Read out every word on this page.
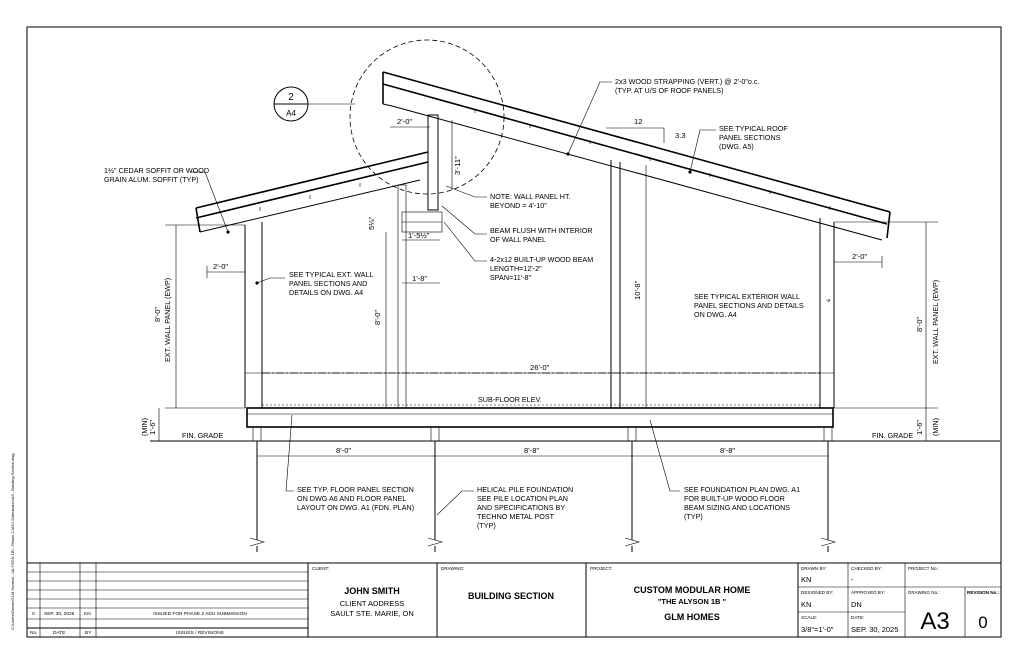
C:\Users\Owner\GLM Homes\...\ALYSON 1B\...Phase 2 ADU Submission\A3 - Building Section.dwg
2
A4
2'-0"
3'-11"
12
3.3
2'-0"
2'-0"
5¼"
1'-5½"
1'-8"
8'-0"
10'-8"
26'-0"
8'-0" EXT. WALL PANEL (EWP)	8'-0" EXT. WALL PANEL (EWP)
(MIN) 1'-6"	1'-6" (MIN)
8'-0"	8'-8"	8'-8"
SUB-FLOOR ELEV.
FIN. GRADE	FIN. GRADE
2x3 WOOD STRAPPING (VERT.) @ 2'-0"o.c.
(TYP. AT U/S OF ROOF PANELS)
SEE TYPICAL ROOF
PANEL SECTIONS
(DWG. A5)
1½" CEDAR SOFFIT OR WOOD
GRAIN ALUM. SOFFIT (TYP)
NOTE: WALL PANEL HT.
BEYOND = 4'-10"
BEAM FLUSH WITH INTERIOR
OF WALL PANEL
4-2x12 BUILT-UP WOOD BEAM
LENGTH=12'-2"
SPAN=11'-8"
SEE TYPICAL EXT. WALL
PANEL SECTIONS AND
DETAILS ON DWG. A4	SEE TYPICAL EXTERIOR WALL
PANEL SECTIONS AND DETAILS
ON DWG. A4
SEE TYP. FLOOR PANEL SECTION
ON DWG A6 AND FLOOR PANEL
LAYOUT ON DWG. A1 (FDN. PLAN)
HELICAL PILE FOUNDATION
SEE PILE LOCATION PLAN
AND SPECIFICATIONS BY
TECHNO METAL POST
(TYP)
SEE FOUNDATION PLAN DWG. A1
FOR BUILT-UP WOOD FLOOR
BEAM SIZING AND LOCATIONS
(TYP)
0 SEP. 30, 2025 KN	ISSUED FOR PHASE 2 ADU SUBMISSION
No.	DATE	BY	ISSUES / REVISIONS
CLIENT:
JOHN SMITH
CLIENT ADDRESS
SAULT STE. MARIE, ON
DRAWING:
BUILDING SECTION
PROJECT:
CUSTOM MODULAR HOME
"THE ALYSON 1B "
GLM HOMES
DRAWN BY:
KN
CHECKED BY:
-
DESIGNED BY:
KN
APPROVED BY:
DN
SCALE:
3/8"=1'-0"
DATE:
SEP. 30, 2025
PROJECT No.:
DRAWING No.:
A3
REVISION No.:
0
